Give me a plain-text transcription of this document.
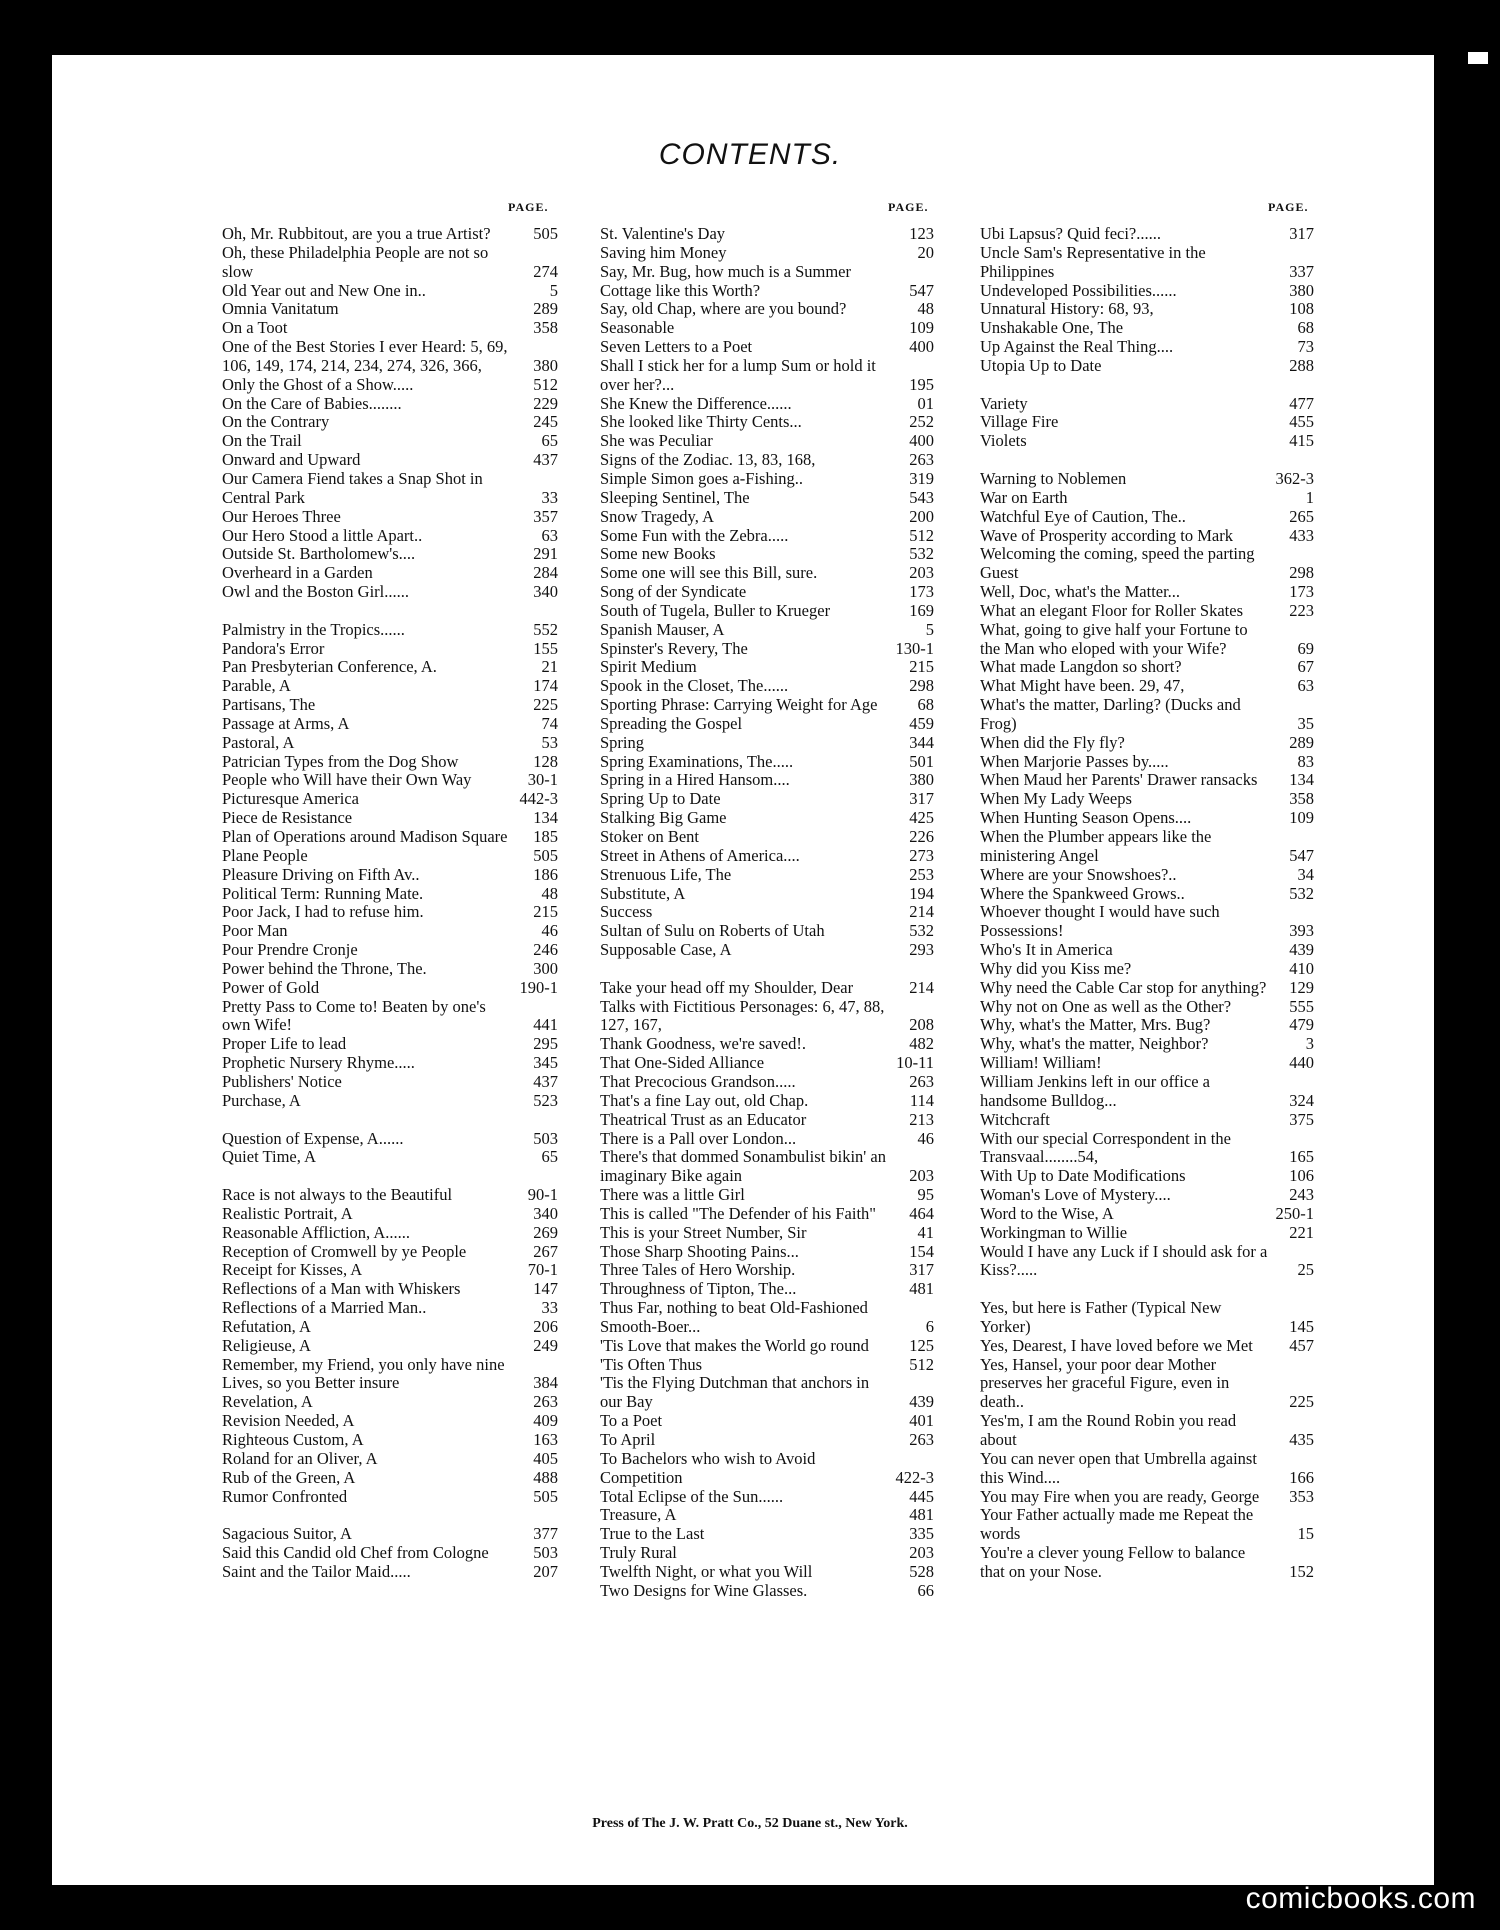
CONTENTS.
PAGE.	PAGE.	PAGE.
Oh, Mr. Rubbitout, are you a true Artist?	505
Oh, these Philadelphia People are not so slow	274
Old Year out and New One in..	5
Omnia Vanitatum	289
On a Toot	358
One of the Best Stories I ever Heard: 5, 69, 106, 149, 174, 214, 234, 274, 326, 366,	380
Only the Ghost of a Show.....	512
On the Care of Babies........	229
On the Contrary	245
On the Trail	65
Onward and Upward	437
Our Camera Fiend takes a Snap Shot in Central Park	33
Our Heroes Three	357
Our Hero Stood a little Apart..	63
Outside St. Bartholomew's....	291
Overheard in a Garden	284
Owl and the Boston Girl......	340
Palmistry in the Tropics......	552
Pandora's Error	155
Pan Presbyterian Conference, A.	21
Parable, A	174
Partisans, The	225
Passage at Arms, A	74
Pastoral, A	53
Patrician Types from the Dog Show	128
People who Will have their Own Way	30-1
Picturesque America	442-3
Piece de Resistance	134
Plan of Operations around Madison Square	185
Plane People	505
Pleasure Driving on Fifth Av..	186
Political Term: Running Mate.	48
Poor Jack, I had to refuse him.	215
Poor Man	46
Pour Prendre Cronje	246
Power behind the Throne, The.	300
Power of Gold	190-1
Pretty Pass to Come to! Beaten by one's own Wife!	441
Proper Life to lead	295
Prophetic Nursery Rhyme.....	345
Publishers' Notice	437
Purchase, A	523
Question of Expense, A......	503
Quiet Time, A	65
Race is not always to the Beautiful	90-1
Realistic Portrait, A	340
Reasonable Affliction, A......	269
Reception of Cromwell by ye People	267
Receipt for Kisses, A	70-1
Reflections of a Man with Whiskers	147
Reflections of a Married Man..	33
Refutation, A	206
Religieuse, A	249
Remember, my Friend, you only have nine Lives, so you Better insure	384
Revelation, A	263
Revision Needed, A	409
Righteous Custom, A	163
Roland for an Oliver, A	405
Rub of the Green, A	488
Rumor Confronted	505
Sagacious Suitor, A	377
Said this Candid old Chef from Cologne	503
Saint and the Tailor Maid.....	207
St. Valentine's Day	123
Saving him Money	20
Say, Mr. Bug, how much is a Summer Cottage like this Worth?	547
Say, old Chap, where are you bound?	48
Seasonable	109
Seven Letters to a Poet	400
Shall I stick her for a lump Sum or hold it over her?...	195
She Knew the Difference......	01
She looked like Thirty Cents...	252
She was Peculiar	400
Signs of the Zodiac. 13, 83, 168,	263
Simple Simon goes a-Fishing..	319
Sleeping Sentinel, The	543
Snow Tragedy, A	200
Some Fun with the Zebra.....	512
Some new Books	532
Some one will see this Bill, sure.	203
Song of der Syndicate	173
South of Tugela, Buller to Krueger	169
Spanish Mauser, A	5
Spinster's Revery, The	130-1
Spirit Medium	215
Spook in the Closet, The......	298
Sporting Phrase: Carrying Weight for Age	68
Spreading the Gospel	459
Spring	344
Spring Examinations, The.....	501
Spring in a Hired Hansom....	380
Spring Up to Date	317
Stalking Big Game	425
Stoker on Bent	226
Street in Athens of America....	273
Strenuous Life, The	253
Substitute, A	194
Success	214
Sultan of Sulu on Roberts of Utah	532
Supposable Case, A	293
Take your head off my Shoulder, Dear	214
Talks with Fictitious Personages: 6, 47, 88, 127, 167,	208
Thank Goodness, we're saved!.	482
That One-Sided Alliance	10-11
That Precocious Grandson.....	263
That's a fine Lay out, old Chap.	114
Theatrical Trust as an Educator	213
There is a Pall over London...	46
There's that dommed Sonambulist bikin' an imaginary Bike again	203
There was a little Girl	95
This is called "The Defender of his Faith"	464
This is your Street Number, Sir	41
Those Sharp Shooting Pains...	154
Three Tales of Hero Worship.	317
Throughness of Tipton, The...	481
Thus Far, nothing to beat Old-Fashioned Smooth-Boer...	6
'Tis Love that makes the World go round	125
'Tis Often Thus	512
'Tis the Flying Dutchman that anchors in our Bay	439
To a Poet	401
To April	263
To Bachelors who wish to Avoid Competition	422-3
Total Eclipse of the Sun......	445
Treasure, A	481
True to the Last	335
Truly Rural	203
Twelfth Night, or what you Will	528
Two Designs for Wine Glasses.	66
Ubi Lapsus? Quid feci?......	317
Uncle Sam's Representative in the Philippines	337
Undeveloped Possibilities......	380
Unnatural History: 68, 93,	108
Unshakable One, The	68
Up Against the Real Thing....	73
Utopia Up to Date	288
Variety	477
Village Fire	455
Violets	415
Warning to Noblemen	362-3
War on Earth	1
Watchful Eye of Caution, The..	265
Wave of Prosperity according to Mark	433
Welcoming the coming, speed the parting Guest	298
Well, Doc, what's the Matter...	173
What an elegant Floor for Roller Skates	223
What, going to give half your Fortune to the Man who eloped with your Wife?	69
What made Langdon so short?	67
What Might have been. 29, 47,	63
What's the matter, Darling? (Ducks and Frog)	35
When did the Fly fly?	289
When Marjorie Passes by.....	83
When Maud her Parents' Drawer ransacks	134
When My Lady Weeps	358
When Hunting Season Opens....	109
When the Plumber appears like the ministering Angel	547
Where are your Snowshoes?..	34
Where the Spankweed Grows..	532
Whoever thought I would have such Possessions!	393
Who's It in America	439
Why did you Kiss me?	410
Why need the Cable Car stop for anything?	129
Why not on One as well as the Other?	555
Why, what's the Matter, Mrs. Bug?	479
Why, what's the matter, Neighbor?	3
William! William!	440
William Jenkins left in our office a handsome Bulldog...	324
Witchcraft	375
With our special Correspondent in the Transvaal........54,	165
With Up to Date Modifications	106
Woman's Love of Mystery....	243
Word to the Wise, A	250-1
Workingman to Willie	221
Would I have any Luck if I should ask for a Kiss?.....	25
Yes, but here is Father (Typical New Yorker)	145
Yes, Dearest, I have loved before we Met	457
Yes, Hansel, your poor dear Mother preserves her graceful Figure, even in death..	225
Yes'm, I am the Round Robin you read about	435
You can never open that Umbrella against this Wind....	166
You may Fire when you are ready, George	353
Your Father actually made me Repeat the words	15
You're a clever young Fellow to balance that on your Nose.	152
Press of The J. W. Pratt Co., 52 Duane st., New York.
comicbooks.com
